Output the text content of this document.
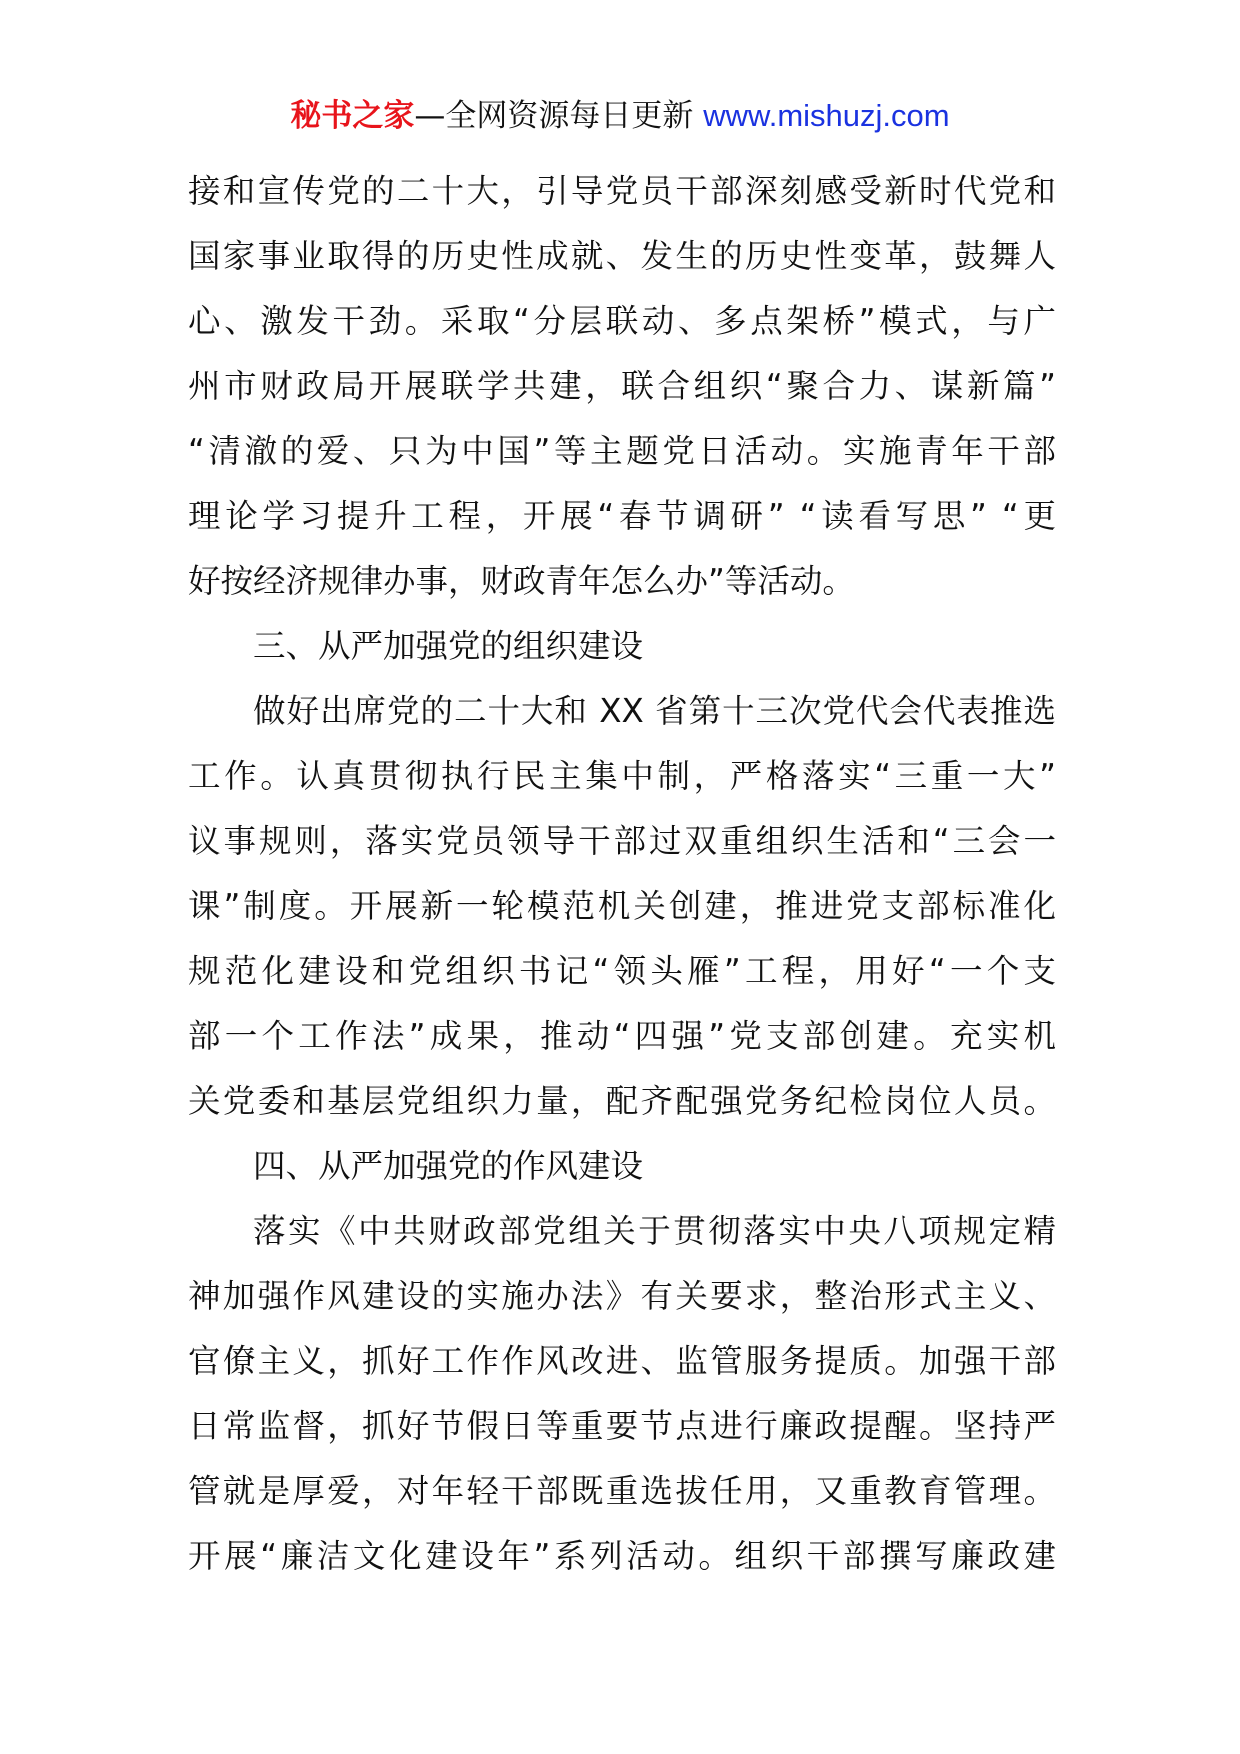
秘书之家—全网资源每日更新 www.mishuzj.com
接和宣传党的二十大，引导党员干部深刻感受新时代党和
国家事业取得的历史性成就、发生的历史性变革，鼓舞人
心、激发干劲。采取“分层联动、多点架桥”模式，与广
州市财政局开展联学共建，联合组织“聚合力、谋新篇”
“清澈的爱、只为中国”等主题党日活动。实施青年干部
理论学习提升工程，开展“春节调研” “读看写思” “更
好按经济规律办事，财政青年怎么办”等活动。
三、从严加强党的组织建设
做好出席党的二十大和 XX 省第十三次党代会代表推选
工作。认真贯彻执行民主集中制，严格落实“三重一大”
议事规则，落实党员领导干部过双重组织生活和“三会一
课”制度。开展新一轮模范机关创建，推进党支部标准化
规范化建设和党组织书记“领头雁”工程，用好“一个支
部一个工作法”成果，推动“四强”党支部创建。充实机
关党委和基层党组织力量，配齐配强党务纪检岗位人员。
四、从严加强党的作风建设
落实《中共财政部党组关于贯彻落实中央八项规定精
神加强作风建设的实施办法》有关要求，整治形式主义、
官僚主义，抓好工作作风改进、监管服务提质。加强干部
日常监督，抓好节假日等重要节点进行廉政提醒。坚持严
管就是厚爱，对年轻干部既重选拔任用，又重教育管理。
开展“廉洁文化建设年”系列活动。组织干部撰写廉政建
